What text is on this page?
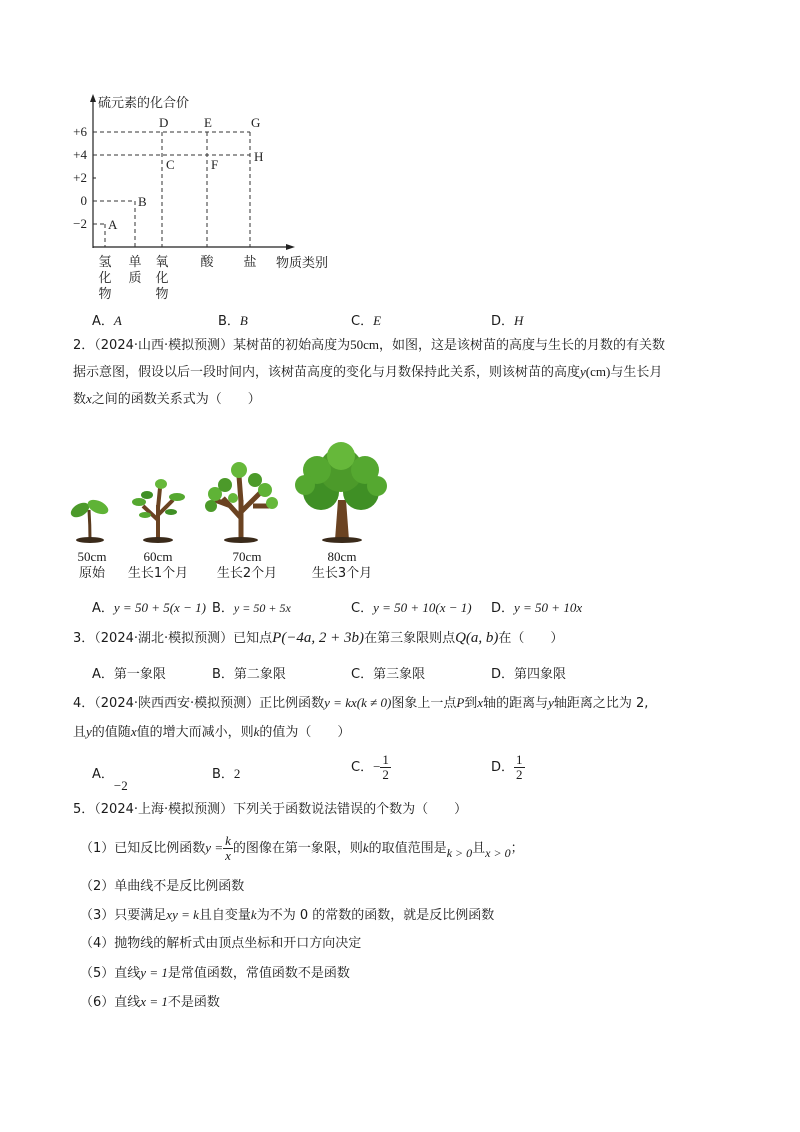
硫元素的化合价
物质类别
+6
+4
+2
0
−2
氢
化
物
单
质
氧
化
物
酸 盐
A
B
C
D	E
F
G
H
A．A	B．B	C．E	D．H
2．（2024·山西·模拟预测）某树苗的初始高度为50cm，如图，这是该树苗的高度与生长的月数的有关数
据示意图，假设以后一段时间内，该树苗高度的变化与月数保持此关系，则该树苗的高度y(cm)与生长月
数x之间的函数关系式为（　　）
50cm
原始
60cm
生长1个月
70cm
生长2个月
80cm
生长3个月
A．y = 50 + 5(x − 1) B．y = 50 + 5x	C．y = 50 + 10(x − 1) D．y = 50 + 10x
3．（2024·湖北·模拟预测）已知点P(−4a, 2 + 3b)在第三象限则点Q(a, b)在（　　）
A．第一象限	B．第二象限	C．第三象限	D．第四象限
4．（2024·陕西西安·模拟预测）正比例函数y = kx(k ≠ 0)图象上一点P到x轴的距离与y轴距离之比为 2,
且y的值随x值的增大而减小，则k的值为（　　）
A．−2
B．2	C．− $\frac{1}{2}$	D． $\frac{1}{2}$
5．（2024·上海·模拟预测）下列关于函数说法错误的个数为（　　）
（1）已知反比例函数$y = \frac{k}{x}$ 的图像在第一象限，则k的取值范围是k > 0且x > 0；
（2）单曲线不是反比例函数
（3）只要满足xy = k且自变量k为不为 0 的常数的函数，就是反比例函数
（4）抛物线的解析式由顶点坐标和开口方向决定
（5）直线y = 1是常值函数，常值函数不是函数
（6）直线x = 1不是函数
